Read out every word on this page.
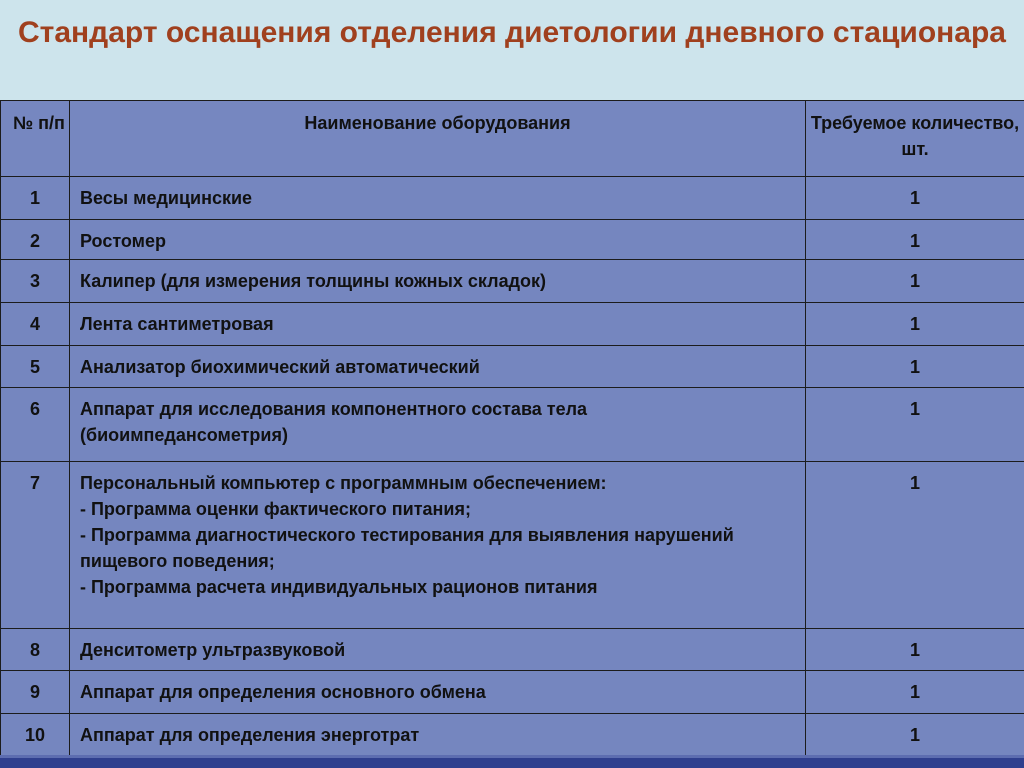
Стандарт оснащения отделения диетологии дневного стационара
№ п/п	Наименование оборудования	Требуемое количество, шт.
1	Весы медицинские	1
2	Ростомер	1
3	Калипер (для измерения толщины кожных складок)	1
4	Лента сантиметровая	1
5	Анализатор биохимический автоматический	1
6	Аппарат для исследования компонентного состава тела (биоимпедансометрия)	1
7	Персональный компьютер с программным обеспечением:
- Программа оценки фактического питания;
- Программа диагностического тестирования для выявления нарушений пищевого поведения;
- Программа расчета индивидуальных рационов питания	1
8	Денситометр ультразвуковой	1
9	Аппарат для определения основного обмена	1
10	Аппарат для определения энерготрат	1
